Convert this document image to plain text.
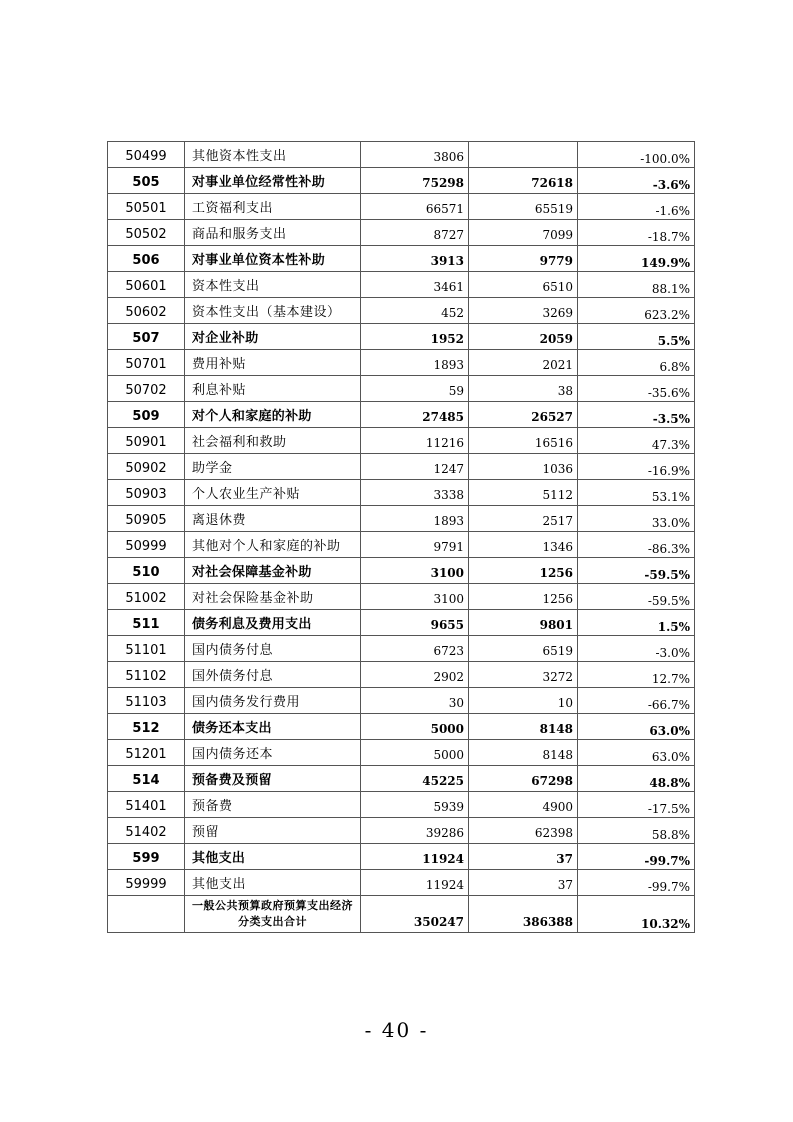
50499	其他资本性支出	3806		-100.0%
505	对事业单位经常性补助	75298	72618	-3.6%
50501	工资福利支出	66571	65519	-1.6%
50502	商品和服务支出	8727	7099	-18.7%
506	对事业单位资本性补助	3913	9779	149.9%
50601	资本性支出	3461	6510	88.1%
50602	资本性支出（基本建设）	452	3269	623.2%
507	对企业补助	1952	2059	5.5%
50701	费用补贴	1893	2021	6.8%
50702	利息补贴	59	38	-35.6%
509	对个人和家庭的补助	27485	26527	-3.5%
50901	社会福利和救助	11216	16516	47.3%
50902	助学金	1247	1036	-16.9%
50903	个人农业生产补贴	3338	5112	53.1%
50905	离退休费	1893	2517	33.0%
50999	其他对个人和家庭的补助	9791	1346	-86.3%
510	对社会保障基金补助	3100	1256	-59.5%
51002	对社会保险基金补助	3100	1256	-59.5%
511	债务利息及费用支出	9655	9801	1.5%
51101	国内债务付息	6723	6519	-3.0%
51102	国外债务付息	2902	3272	12.7%
51103	国内债务发行费用	30	10	-66.7%
512	债务还本支出	5000	8148	63.0%
51201	国内债务还本	5000	8148	63.0%
514	预备费及预留	45225	67298	48.8%
51401	预备费	5939	4900	-17.5%
51402	预留	39286	62398	58.8%
599	其他支出	11924	37	-99.7%
59999	其他支出	11924	37	-99.7%
	一般公共预算政府预算支出经济分类支出合计	350247	386388	10.32%
- 40 -
